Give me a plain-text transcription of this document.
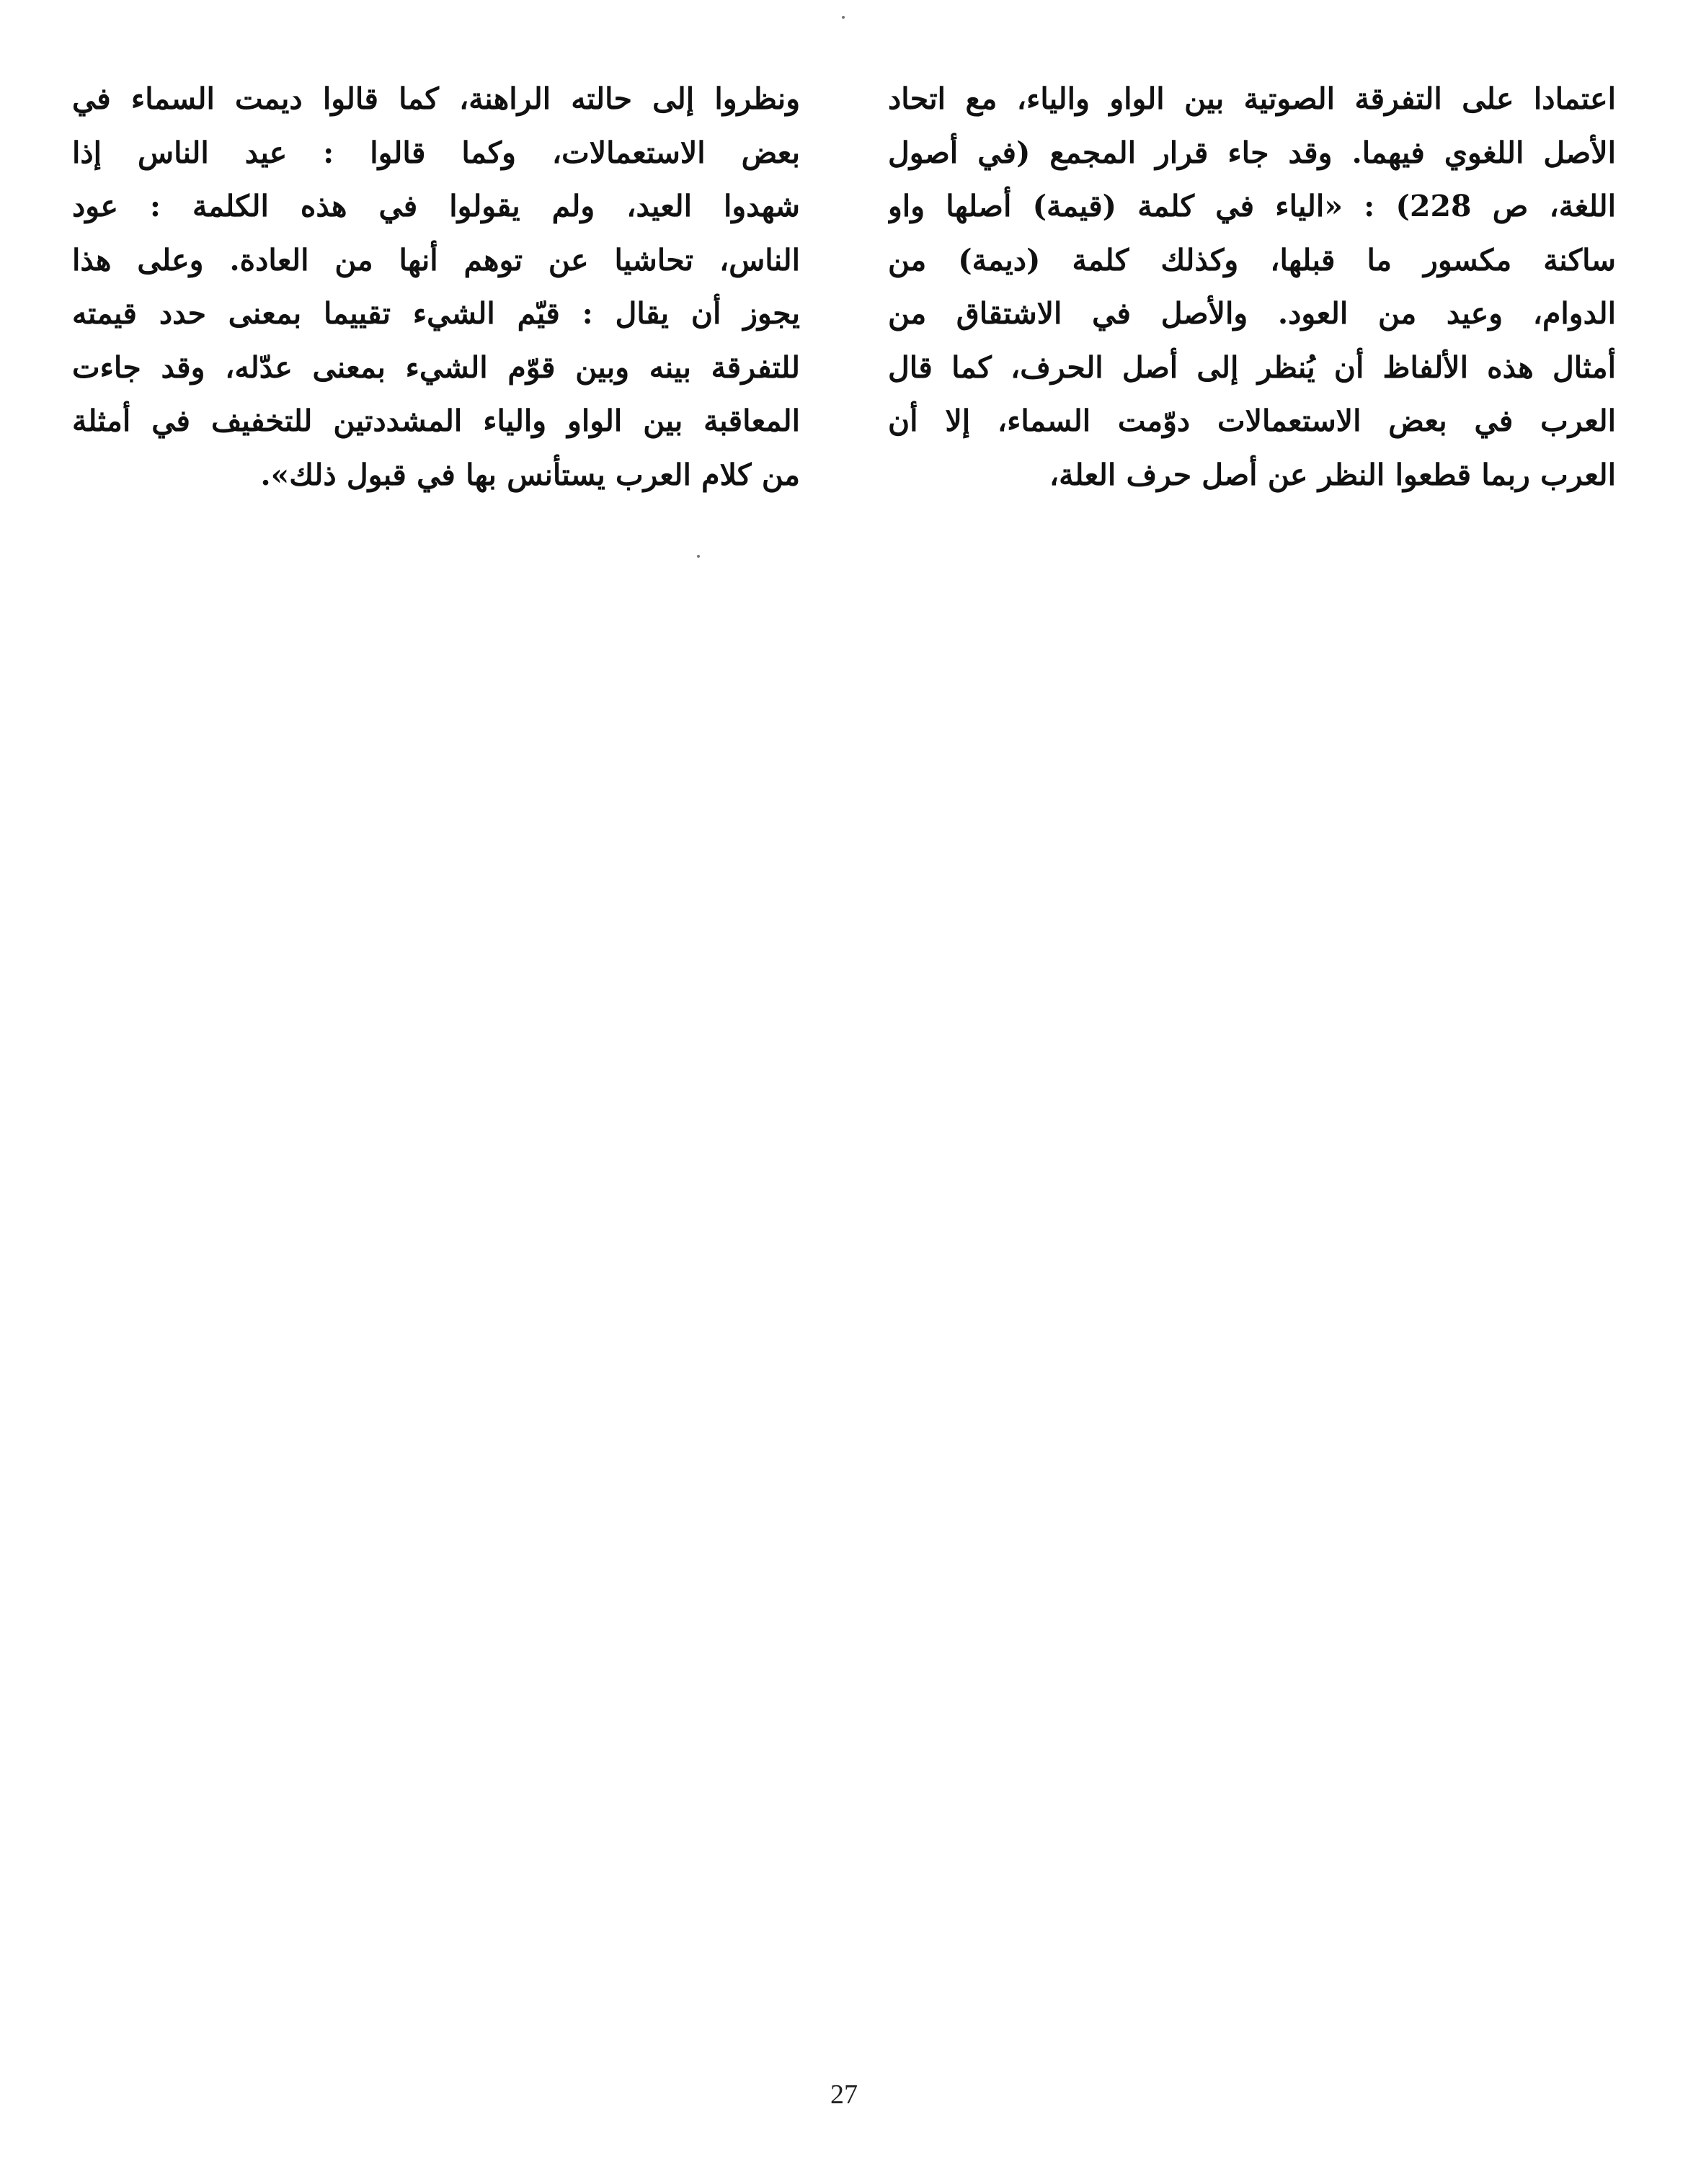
اعتمادا على التفرقة الصوتية بين الواو والياء، مع اتحاد
الأصل اللغوي فيهما. وقد جاء قرار المجمع (في أصول
اللغة، ص 228) : «الياء في كلمة (قيمة) أصلها واو
ساكنة مكسور ما قبلها، وكذلك كلمة (ديمة) من
الدوام، وعيد من العود. والأصل في الاشتقاق من
أمثال هذه الألفاظ أن يُنظر إلى أصل الحرف، كما قال
العرب في بعض الاستعمالات دوّمت السماء، إلا أن
العرب ربما قطعوا النظر عن أصل حرف العلة،
ونظروا إلى حالته الراهنة، كما قالوا ديمت السماء في
بعض الاستعمالات، وكما قالوا : عيد الناس إذا
شهدوا العيد، ولم يقولوا في هذه الكلمة : عود
الناس، تحاشيا عن توهم أنها من العادة. وعلى هذا
يجوز أن يقال : قيّم الشيء تقييما بمعنى حدد قيمته
للتفرقة بينه وبين قوّم الشيء بمعنى عدّله، وقد جاءت
المعاقبة بين الواو والياء المشددتين للتخفيف في أمثلة
من كلام العرب يستأنس بها في قبول ذلك».
27
